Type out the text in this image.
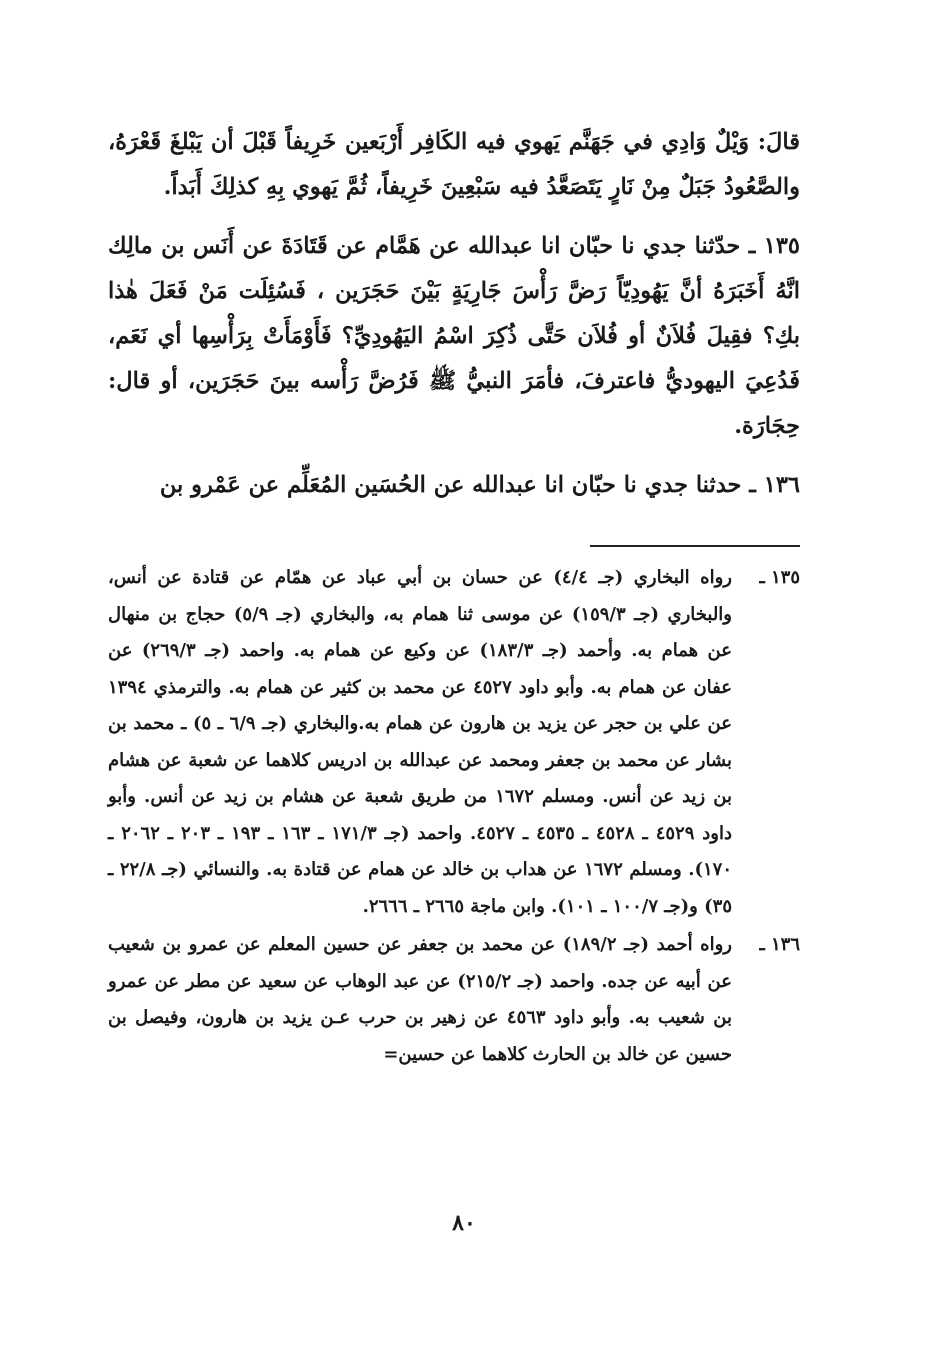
قالَ: وَيْلٌ وَادِي في جَهَنَّم يَهوي فيه الكَافِر أَرْبَعين خَرِيفاً قَبْلَ أن يَبْلغَ قَعْرَهُ، والصَّعُودُ جَبَلٌ مِنْ نَارٍ يَتَصَعَّدُ فيه سَبْعِينَ خَرِيفاً، ثُمَّ يَهوي بِهِ كذلِكَ أَبَداً.

١٣٥ ـ حدّثنا جدي نا حبّان انا عبدالله عن هَمَّام عن قَتَادَةَ عن أَنَس بن مالِك انَّهُ أَخَبَرَهُ أنَّ يَهُودِيّاً رَضَّ رَأْسَ جَارِيَةٍ بَيْنَ حَجَرَين ، فَسُئِلَت مَنْ فَعَلَ هٰذا بكِ؟ فقِيلَ فُلاَنٌ أو فُلاَن حَتَّى ذُكِرَ اسْمُ اليَهُودِيِّ؟ فَأَوْمَأَتْ بِرَأْسِها أي نَعَم، فَدُعِيَ اليهوديُّ فاعترفَ، فأمَرَ النبيُّ ﷺ فَرُضَّ رَأْسه بينَ حَجَرَين، أو قال: حِجَارَة.

١٣٦ ـ حدثنا جدي نا حبّان انا عبدالله عن الحُسَين المُعَلِّم عن عَمْرو بن

١٣٥ ـ
رواه البخاري (جـ ٤/٤) عن حسان بن أبي عباد عن همّام عن قتادة عن أنس، والبخاري (جـ ١٥٩/٣) عن موسى ثنا همام به، والبخاري (جـ ٥/٩) حجاج بن منهال عن همام به. وأحمد (جـ ١٨٣/٣) عن وكيع عن همام به. واحمد (جـ ٢٦٩/٣) عن عفان عن همام به. وأبو داود ٤٥٢٧ عن محمد بن كثير عن همام به. والترمذي ١٣٩٤ عن علي بن حجر عن يزيد بن هارون عن همام به.والبخاري (جـ ٦/٩ ـ ٥) ـ محمد بن بشار عن محمد بن جعفر ومحمد عن عبدالله بن ادريس كلاهما عن شعبة عن هشام بن زيد عن أنس. ومسلم ١٦٧٢ من طريق شعبة عن هشام بن زيد عن أنس. وأبو داود ٤٥٢٩ ـ ٤٥٢٨ ـ ٤٥٣٥ ـ ٤٥٢٧. واحمد (جـ ١٧١/٣ ـ ١٦٣ ـ ١٩٣ ـ ٢٠٣ ـ ٢٠٦٢ ـ ١٧٠). ومسلم ١٦٧٢ عن هداب بن خالد عن همام عن قتادة به. والنسائي (جـ ٢٢/٨ ـ ٣٥) و(جـ ١٠٠/٧ ـ ١٠١). وابن ماجة ٢٦٦٥ ـ ٢٦٦٦.
١٣٦ ـ
رواه أحمد (جـ ١٨٩/٢) عن محمد بن جعفر عن حسين المعلم عن عمرو بن شعيب عن أبيه عن جده. واحمد (جـ ٢١٥/٢) عن عبد الوهاب عن سعيد عن مطر عن عمرو بن شعيب به. وأبو داود ٤٥٦٣ عن زهير بن حرب عـن يزيد بن هارون، وفيصل بن حسين عن خالد بن الحارث كلاهما عن حسين=
٨٠
